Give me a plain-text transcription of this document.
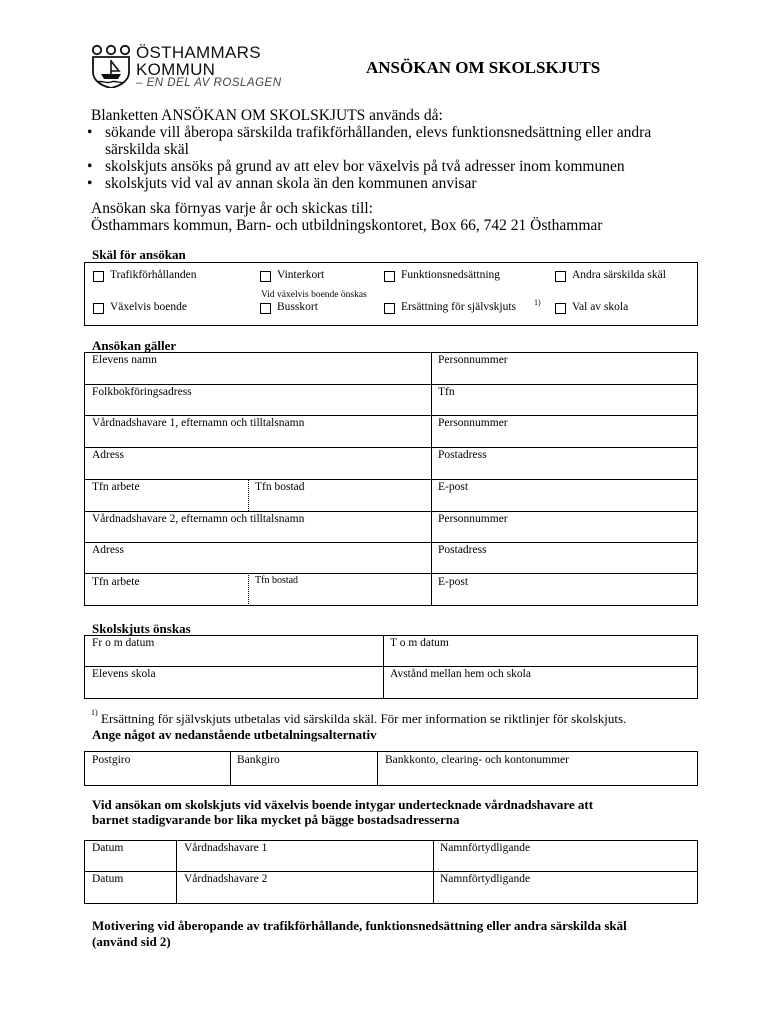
ÖSTHAMMARS
KOMMUN
– EN DEL AV ROSLAGEN
ANSÖKAN OM SKOLSKJUTS
Blanketten ANSÖKAN OM SKOLSKJUTS används då:
• sökande vill åberopa särskilda trafikförhållanden, elevs funktionsnedsättning eller andra särskilda skäl
• skolskjuts ansöks på grund av att elev bor växelvis på två adresser inom kommunen
• skolskjuts vid val av annan skola än den kommunen anvisar
Ansökan ska förnyas varje år och skickas till:
Östhammars kommun, Barn- och utbildningskontoret, Box 66, 742 21 Östhammar
Skäl för ansökan
Trafikförhållanden	Vinterkort	Funktionsnedsättning	Andra särskilda skäl
Vid växelvis boende önskas
Växelvis boende	Busskort	Ersättning för självskjuts 1)	Val av skola
Ansökan gäller
Elevens namn	Personnummer
Folkbokföringsadress	Tfn
Vårdnadshavare 1, efternamn och tilltalsnamn	Personnummer
Adress	Postadress
Tfn arbete	Tfn bostad	E-post
Vårdnadshavare 2, efternamn och tilltalsnamn	Personnummer
Adress	Postadress
Tfn arbete	Tfn bostad	E-post
Skolskjuts önskas
Fr o m datum	T o m datum
Elevens skola	Avstånd mellan hem och skola
1) Ersättning för självskjuts utbetalas vid särskilda skäl. För mer information se riktlinjer för skolskjuts.
Ange något av nedanstående utbetalningsalternativ
Postgiro	Bankgiro	Bankkonto, clearing- och kontonummer
Vid ansökan om skolskjuts vid växelvis boende intygar undertecknade vårdnadshavare att
barnet stadigvarande bor lika mycket på bägge bostadsadresserna
Datum	Vårdnadshavare 1	Namnförtydligande
Datum	Vårdnadshavare 2	Namnförtydligande
Motivering vid åberopande av trafikförhållande, funktionsnedsättning eller andra särskilda skäl
(använd sid 2)
